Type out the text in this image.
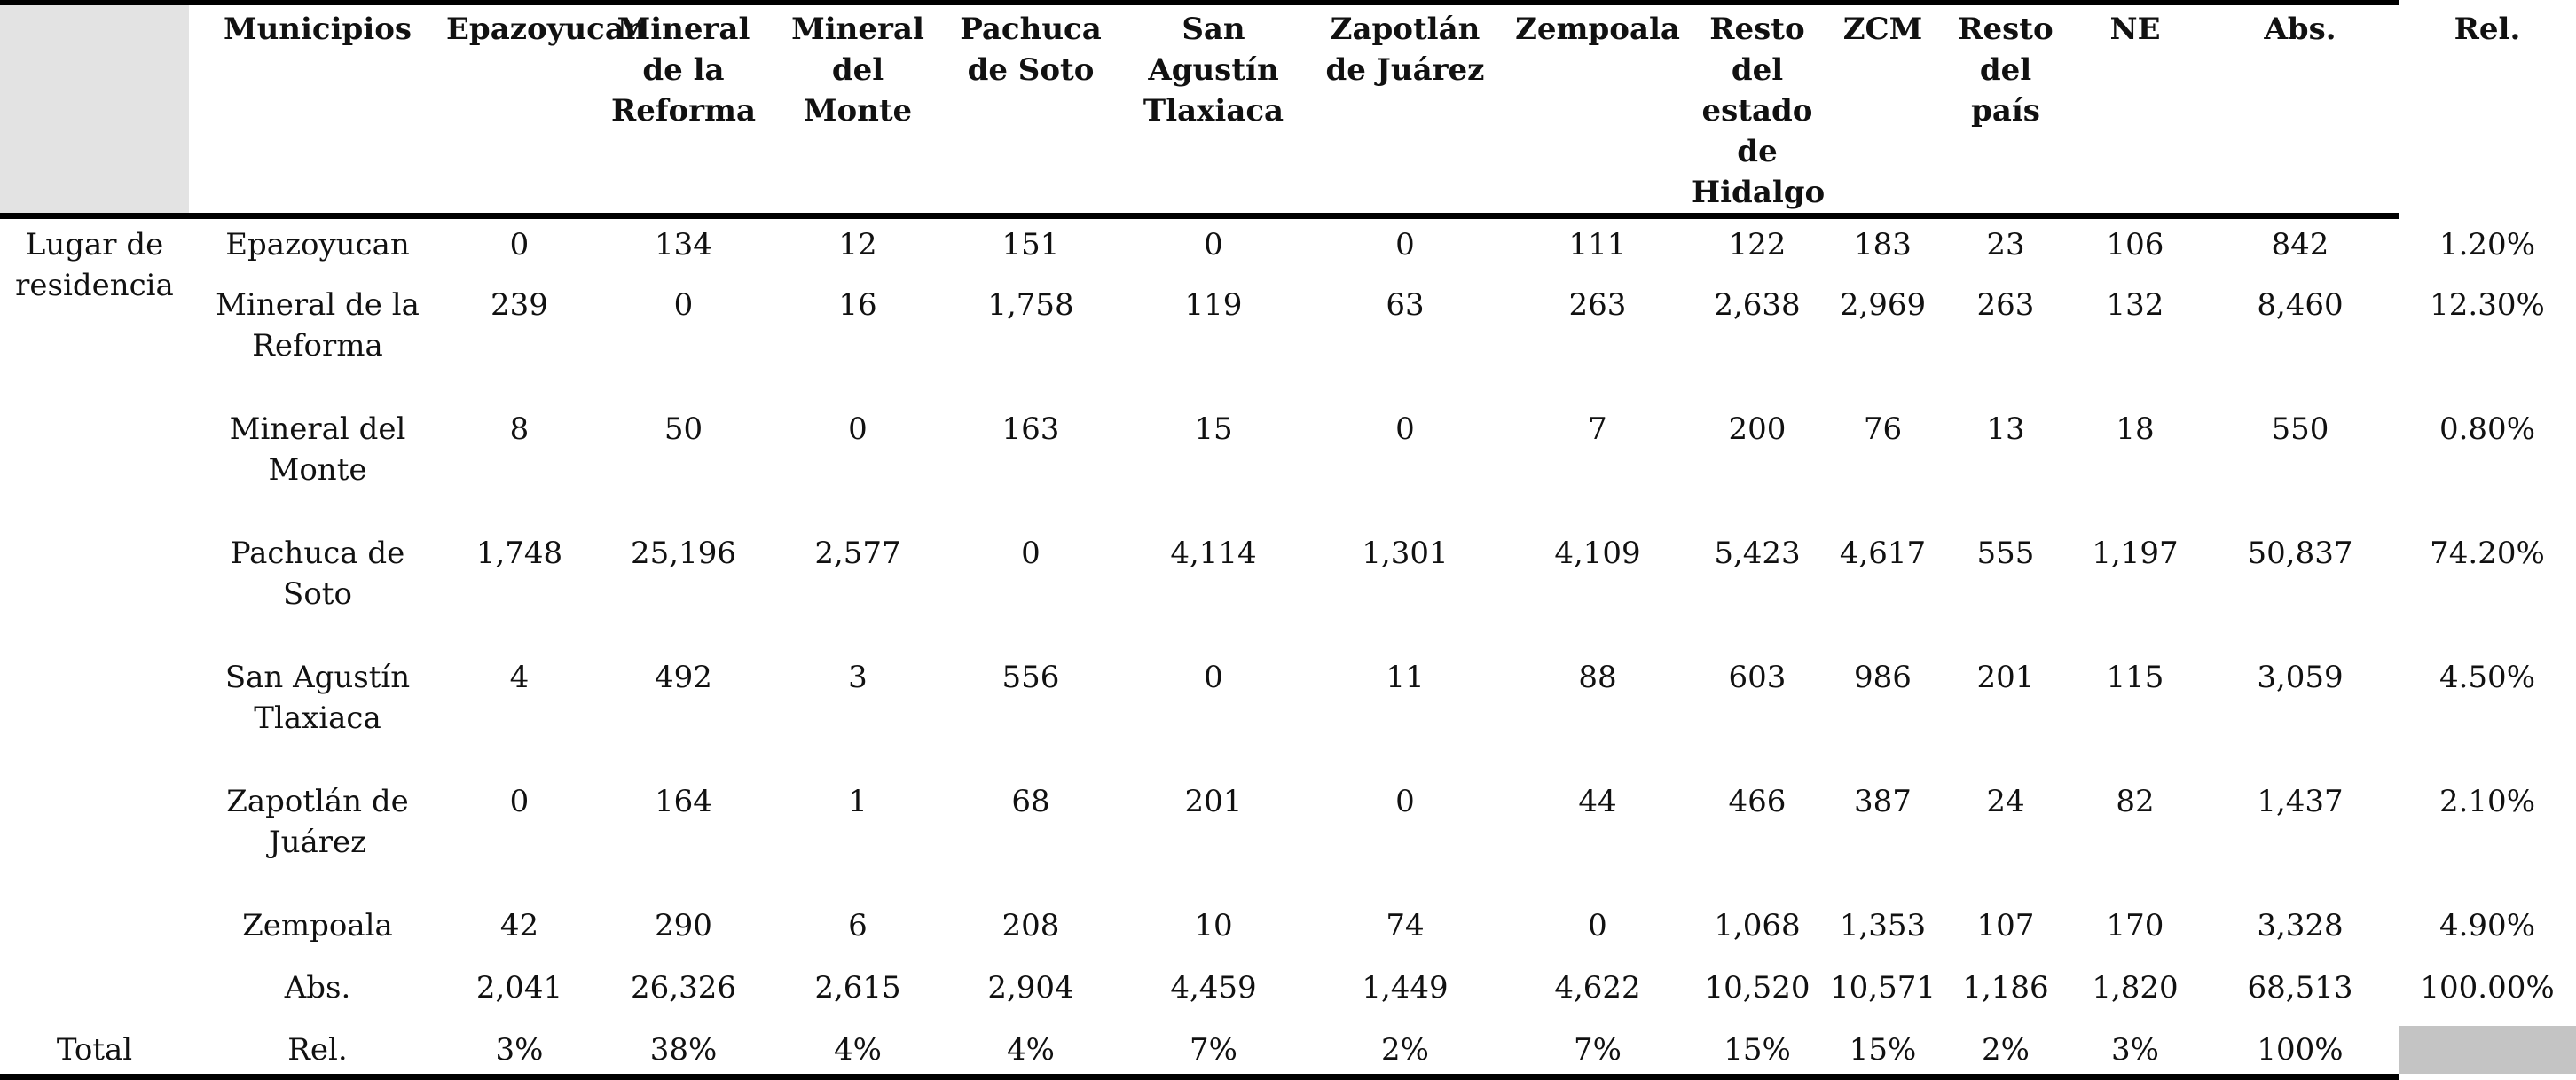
	Municipios	Epazoyucan	Mineral
de la
Reforma	Mineral
del
Monte	Pachuca
de Soto	San
Agustín
Tlaxiaca	Zapotlán
de Juárez	Zempoala	Resto del
estado
de
Hidalgo	ZCM	Resto
del
país	NE	Abs.	Rel.

Lugar de
residencia	Epazoyucan	0	134	12	151	0	0	111	122	183	23	106	842	1.20%
	Mineral de la
Reforma	239	0	16	1,758	119	63	263	2,638	2,969	263	132	8,460	12.30%
	Mineral del
Monte	8	50	0	163	15	0	7	200	76	13	18	550	0.80%
	Pachuca de
Soto	1,748	25,196	2,577	0	4,114	1,301	4,109	5,423	4,617	555	1,197	50,837	74.20%
	San Agustín
Tlaxiaca	4	492	3	556	0	11	88	603	986	201	115	3,059	4.50%
	Zapotlán de
Juárez	0	164	1	68	201	0	44	466	387	24	82	1,437	2.10%
	Zempoala	42	290	6	208	10	74	0	1,068	1,353	107	170	3,328	4.90%
	Abs.	2,041	26,326	2,615	2,904	4,459	1,449	4,622	10,520	10,571	1,186	1,820	68,513	100.00%
Total	Rel.	3%	38%	4%	4%	7%	2%	7%	15%	15%	2%	3%	100%	
